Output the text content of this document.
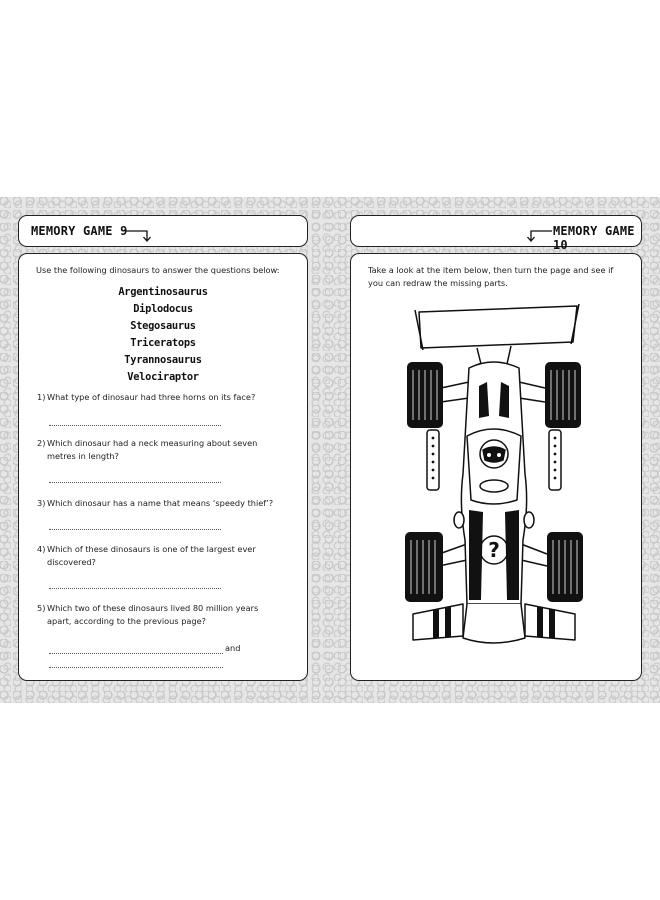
MEMORY GAME 9
Use the following dinosaurs to answer the questions below:
Argentinosaurus
Diplodocus
Stegosaurus
Triceratops
Tyrannosaurus
Velociraptor
1) What type of dinosaur had three horns on its face?
2) Which dinosaur had a neck measuring about seven metres in length?
3) Which dinosaur has a name that means ‘speedy thief’?
4) Which of these dinosaurs is one of the largest ever discovered?
5) Which two of these dinosaurs lived 80 million years apart, according to the previous page?
and
MEMORY GAME 10
Take a look at the item below, then turn the page and see if you can redraw the missing parts.
?
